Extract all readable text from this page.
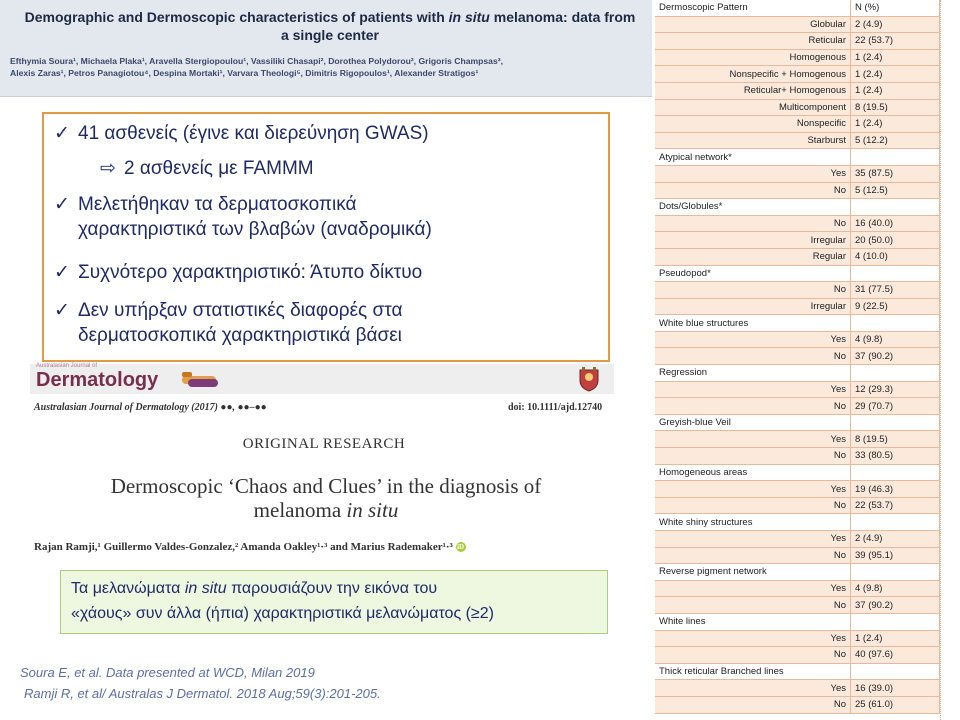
Demographic and Dermoscopic characteristics of patients with in situ melanoma: data from
a single center
Efthymia Soura¹, Michaela Plaka¹, Aravella Stergiopoulou¹, Vassiliki Chasapi², Dorothea Polydorou², Grigoris Champsas³,
Alexis Zaras¹, Petros Panagiotou⁴, Despina Mortaki¹, Varvara Theologi⁵, Dimitris Rigopoulos¹, Alexander Stratigos¹
✓ 41 ασθενείς (έγινε και διερεύνηση GWAS)
⇨ 2 ασθενείς με FAMMM
✓ Μελετήθηκαν τα δερματοσκοπικά
χαρακτηριστικά των βλαβών (αναδρομικά)
✓ Συχνότερο χαρακτηριστικό: Άτυπο δίκτυο
✓ Δεν υπήρξαν στατιστικές διαφορές στα
δερματοσκοπικά χαρακτηριστικά βάσει
Australasian Journal of
Dermatology
Australasian Journal of Dermatology (2017) ●●, ●●–●●	doi: 10.1111/ajd.12740
ORIGINAL RESEARCH
Dermoscopic ‘Chaos and Clues’ in the diagnosis of
melanoma in situ
Rajan Ramji,¹ Guillermo Valdes-Gonzalez,² Amanda Oakley¹·³ and Marius Rademaker¹·³ iD
Τα μελανώματα in situ παρουσιάζουν την εικόνα του
«χάους» συν άλλα (ήπια) χαρακτηριστικά μελανώματος (≥2)
Soura E, et al. Data presented at WCD, Milan 2019
Ramji R, et al/ Australas J Dermatol. 2018 Aug;59(3):201-205.
Dermoscopic Pattern	N (%)
Globular	2 (4.9)
Reticular	22 (53.7)
Homogenous	1 (2.4)
Nonspecific + Homogenous	1 (2.4)
Reticular+ Homogenous	1 (2.4)
Multicomponent	8 (19.5)
Nonspecific	1 (2.4)
Starburst	5 (12.2)
Atypical network*	
Yes	35 (87.5)
No	5 (12.5)
Dots/Globules*	
No	16 (40.0)
Irregular	20 (50.0)
Regular	4 (10.0)
Pseudopod*	
No	31 (77.5)
Irregular	9 (22.5)
White blue structures	
Yes	4 (9.8)
No	37 (90.2)
Regression	
Yes	12 (29.3)
No	29 (70.7)
Greyish-blue Veil	
Yes	8 (19.5)
No	33 (80.5)
Homogeneous areas	
Yes	19 (46.3)
No	22 (53.7)
White shiny structures	
Yes	2 (4.9)
No	39 (95.1)
Reverse pigment network	
Yes	4 (9.8)
No	37 (90.2)
White lines	
Yes	1 (2.4)
No	40 (97.6)
Thick reticular Branched lines	
Yes	16 (39.0)
No	25 (61.0)
